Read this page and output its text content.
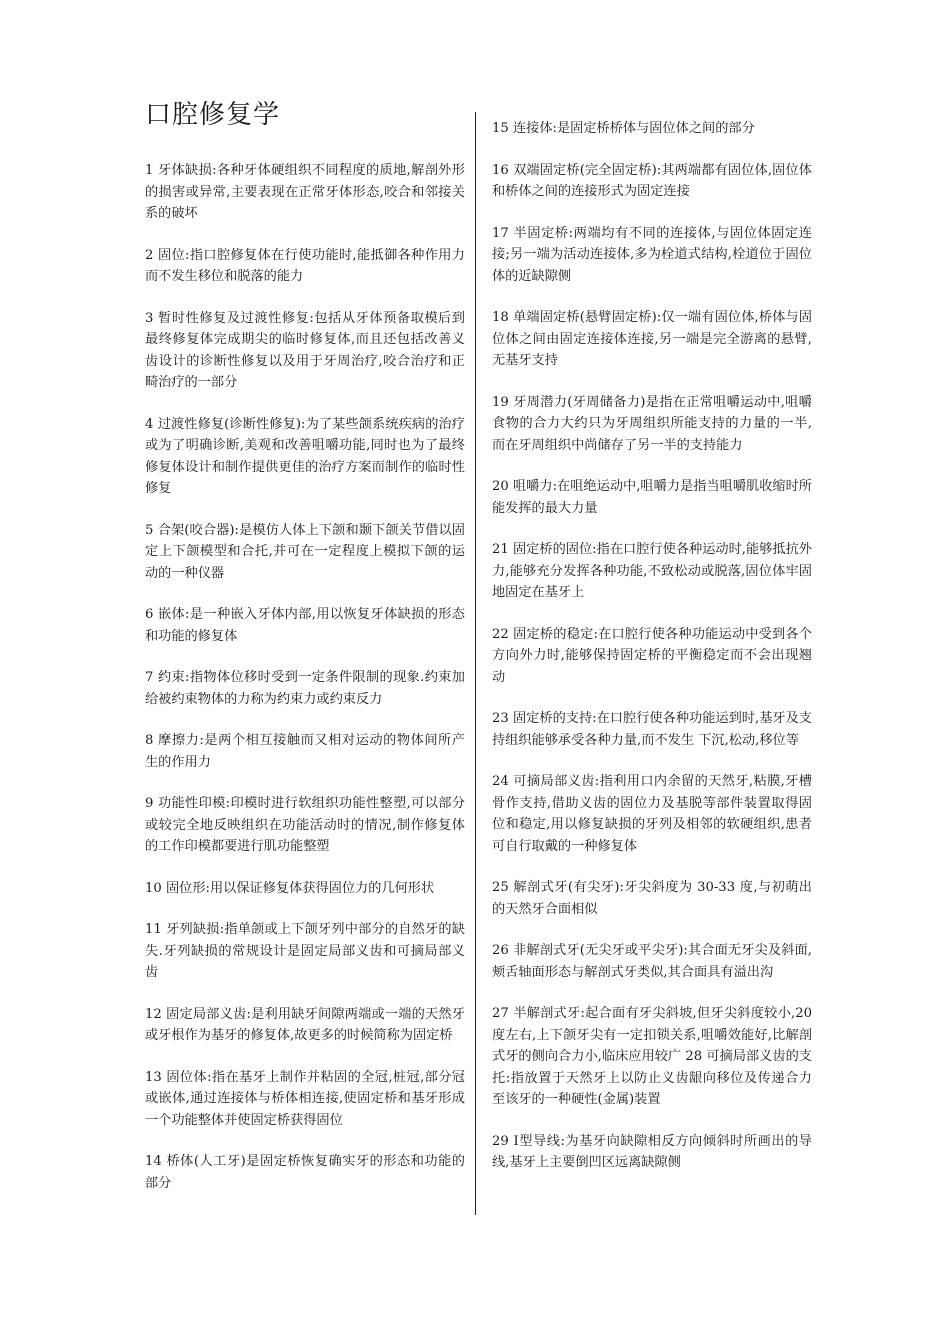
口腔修复学

1 牙体缺损:各种牙体硬组织不同程度的质地,解剖外形的损害或异常,主要表现在正常牙体形态,咬合和邻接关系的破坏

2 固位:指口腔修复体在行使功能时,能抵御各种作用力而不发生移位和脱落的能力

3 暂时性修复及过渡性修复:包括从牙体预备取模后到最终修复体完成期尖的临时修复体,而且还包括改善义齿设计的诊断性修复以及用于牙周治疗,咬合治疗和正畸治疗的一部分

4 过渡性修复(诊断性修复):为了某些颌系统疾病的治疗或为了明确诊断,美观和改善咀嚼功能,同时也为了最终修复体设计和制作提供更佳的治疗方案而制作的临时性修复

5 合架(咬合器):是模仿人体上下颌和颞下颌关节借以固定上下颌模型和合托,并可在一定程度上模拟下颌的运动的一种仪器

6 嵌体:是一种嵌入牙体内部,用以恢复牙体缺损的形态和功能的修复体

7 约束:指物体位移时受到一定条件限制的现象.约束加给被约束物体的力称为约束力或约束反力

8 摩擦力:是两个相互接触而又相对运动的物体间所产生的作用力

9 功能性印模:印模时进行软组织功能性整塑,可以部分或较完全地反映组织在功能活动时的情况,制作修复体的工作印模都要进行肌功能整塑

10 固位形:用以保证修复体获得固位力的几何形状

11 牙列缺损:指单颌或上下颌牙列中部分的自然牙的缺失.牙列缺损的常规设计是固定局部义齿和可摘局部义齿

12 固定局部义齿:是利用缺牙间隙两端或一端的天然牙或牙根作为基牙的修复体,故更多的时候简称为固定桥

13 固位体:指在基牙上制作并粘固的全冠,桩冠,部分冠或嵌体,通过连接体与桥体相连接,使固定桥和基牙形成一个功能整体并使固定桥获得固位

14 桥体(人工牙)是固定桥恢复确实牙的形态和功能的部分

15 连接体:是固定桥桥体与固位体之间的部分

16 双端固定桥(完全固定桥):其两端都有固位体,固位体和桥体之间的连接形式为固定连接

17 半固定桥:两端均有不同的连接体,与固位体固定连接;另一端为活动连接体,多为栓道式结构,栓道位于固位体的近缺隙侧

18 单端固定桥(悬臂固定桥):仅一端有固位体,桥体与固位体之间由固定连接体连接,另一端是完全游离的悬臂,无基牙支持

19 牙周潜力(牙周储备力)是指在正常咀嚼运动中,咀嚼食物的合力大约只为牙周组织所能支持的力量的一半,而在牙周组织中尚储存了另一半的支持能力

20 咀嚼力:在咀绝运动中,咀嚼力是指当咀嚼肌收缩时所能发挥的最大力量

21 固定桥的固位:指在口腔行使各种运动时,能够抵抗外力,能够充分发挥各种功能,不致松动或脱落,固位体牢固地固定在基牙上

22 固定桥的稳定:在口腔行使各种功能运动中受到各个方向外力时,能够保持固定桥的平衡稳定而不会出现翘动

23 固定桥的支持:在口腔行使各种功能运到时,基牙及支持组织能够承受各种力量,而不发生 下沉,松动,移位等

24 可摘局部义齿:指利用口内余留的天然牙,粘膜,牙槽骨作支持,借助义齿的固位力及基脱等部件装置取得固位和稳定,用以修复缺损的牙列及相邻的软硬组织,患者可自行取戴的一种修复体

25 解剖式牙(有尖牙):牙尖斜度为 30-33 度,与初萌出的天然牙合面相似

26 非解剖式牙(无尖牙或平尖牙):其合面无牙尖及斜面,颊舌轴面形态与解剖式牙类似,其合面具有溢出沟

27 半解剖式牙:起合面有牙尖斜坡,但牙尖斜度较小,20度左右,上下颌牙尖有一定扣锁关系,咀嚼效能好,比解剖式牙的侧向合力小,临床应用较广 28 可摘局部义齿的支托:指放置于天然牙上以防止义齿龈向移位及传递合力至该牙的一种硬性(金属)装置

29 Ⅰ型导线:为基牙向缺隙相反方向倾斜时所画出的导线,基牙上主要倒凹区远离缺隙侧
